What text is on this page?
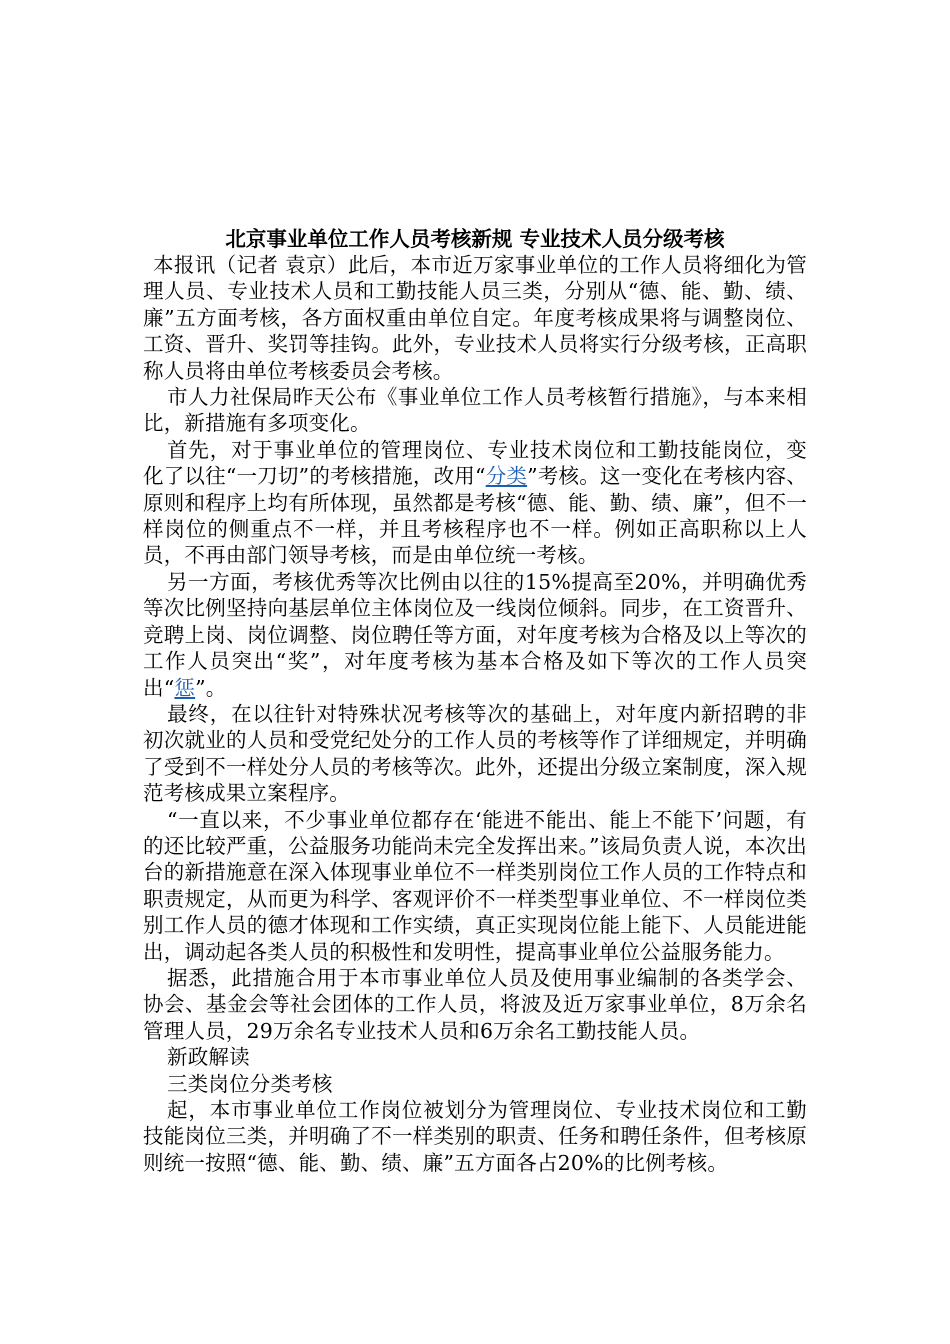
北京事业单位工作人员考核新规 专业技术人员分级考核

本报讯（记者 袁京）此后，本市近万家事业单位的工作人员将细化为管理人员、专业技术人员和工勤技能人员三类，分别从“德、能、勤、绩、廉”五方面考核，各方面权重由单位自定。年度考核成果将与调整岗位、工资、晋升、奖罚等挂钩。此外，专业技术人员将实行分级考核，正高职称人员将由单位考核委员会考核。

市人力社保局昨天公布《事业单位工作人员考核暂行措施》，与本来相比，新措施有多项变化。

首先，对于事业单位的管理岗位、专业技术岗位和工勤技能岗位，变化了以往“一刀切”的考核措施，改用“分类”考核。这一变化在考核内容、原则和程序上均有所体现，虽然都是考核“德、能、勤、绩、廉”，但不一样岗位的侧重点不一样，并且考核程序也不一样。例如正高职称以上人员，不再由部门领导考核，而是由单位统一考核。

另一方面，考核优秀等次比例由以往的15%提高至20%，并明确优秀等次比例坚持向基层单位主体岗位及一线岗位倾斜。同步，在工资晋升、竞聘上岗、岗位调整、岗位聘任等方面，对年度考核为合格及以上等次的工作人员突出“奖”，对年度考核为基本合格及如下等次的工作人员突出“惩”。

最终，在以往针对特殊状况考核等次的基础上，对年度内新招聘的非初次就业的人员和受党纪处分的工作人员的考核等作了详细规定，并明确了受到不一样处分人员的考核等次。此外，还提出分级立案制度，深入规范考核成果立案程序。

“一直以来，不少事业单位都存在‘能进不能出、能上不能下’问题，有的还比较严重，公益服务功能尚未完全发挥出来。”该局负责人说，本次出台的新措施意在深入体现事业单位不一样类别岗位工作人员的工作特点和职责规定，从而更为科学、客观评价不一样类型事业单位、不一样岗位类别工作人员的德才体现和工作实绩，真正实现岗位能上能下、人员能进能出，调动起各类人员的积极性和发明性，提高事业单位公益服务能力。

据悉，此措施合用于本市事业单位人员及使用事业编制的各类学会、协会、基金会等社会团体的工作人员，将波及近万家事业单位，8万余名管理人员，29万余名专业技术人员和6万余名工勤技能人员。

新政解读

三类岗位分类考核

起，本市事业单位工作岗位被划分为管理岗位、专业技术岗位和工勤技能岗位三类，并明确了不一样类别的职责、任务和聘任条件，但考核原则统一按照“德、能、勤、绩、廉”五方面各占20%的比例考核。
